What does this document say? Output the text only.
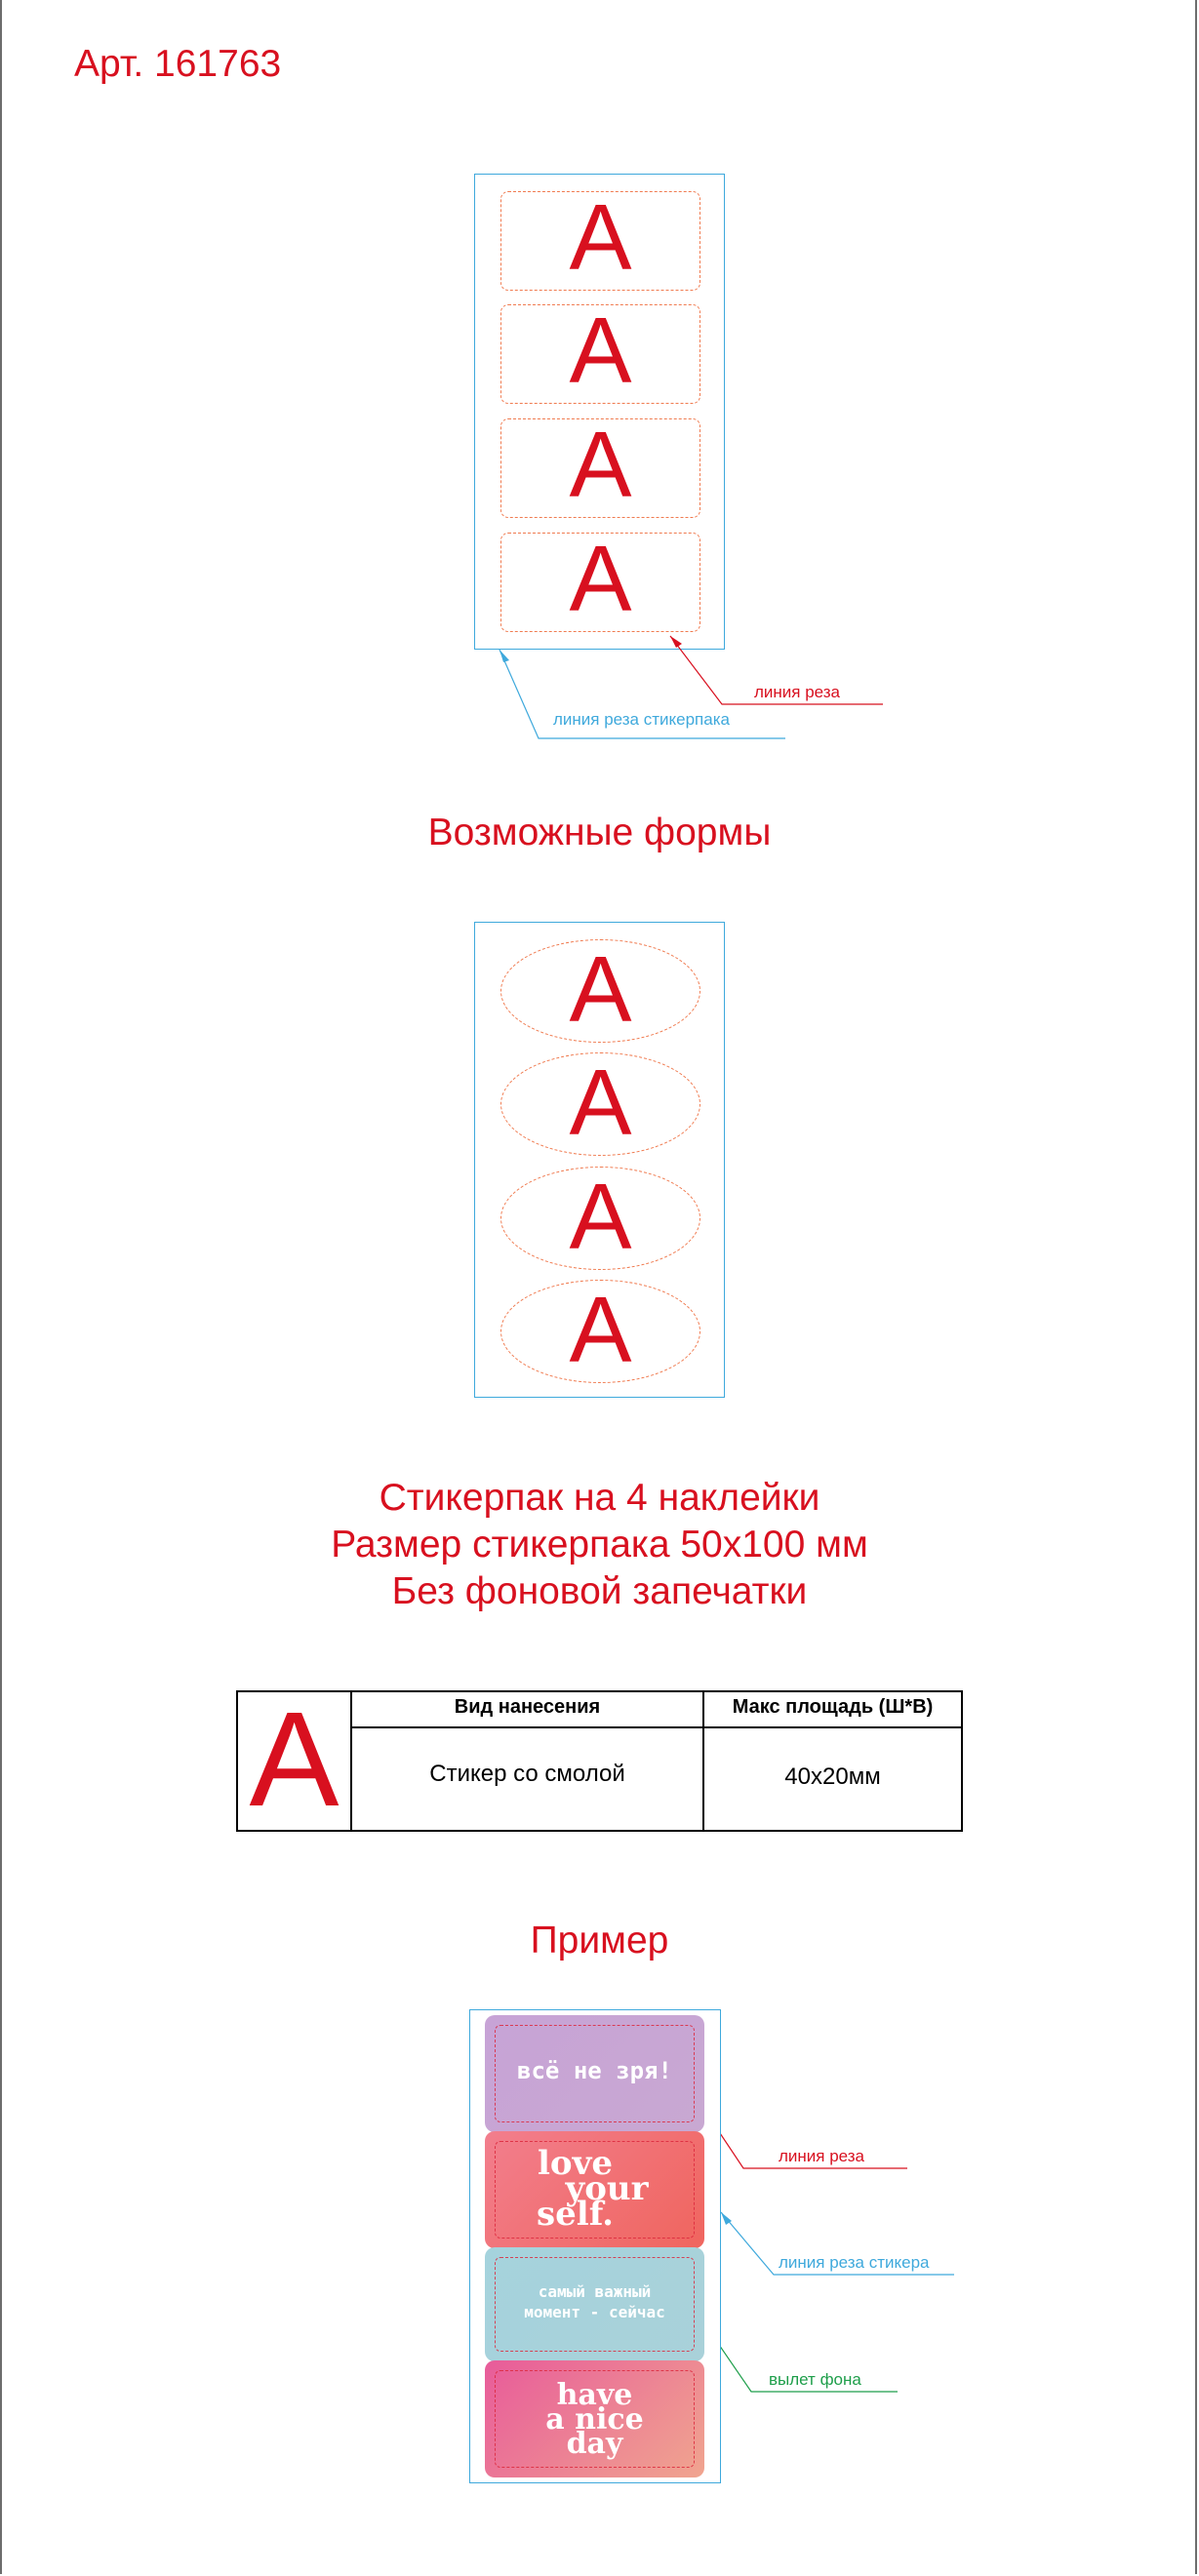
Арт. 161763
А
А
А
А
линия реза
линия реза стикерпака
Возможные формы
А
А
А
А
Стикерпак на 4 наклейки
Размер стикерпака 50х100 мм
Без фоновой запечатки
А	Вид нанесения	Макс площадь (Ш*В)
Стикер со смолой	40х20мм
Пример
всё не зря!
love
your
self.
самый важный
момент - сейчас
have
a nice
day
линия реза
линия реза стикера
вылет фона
